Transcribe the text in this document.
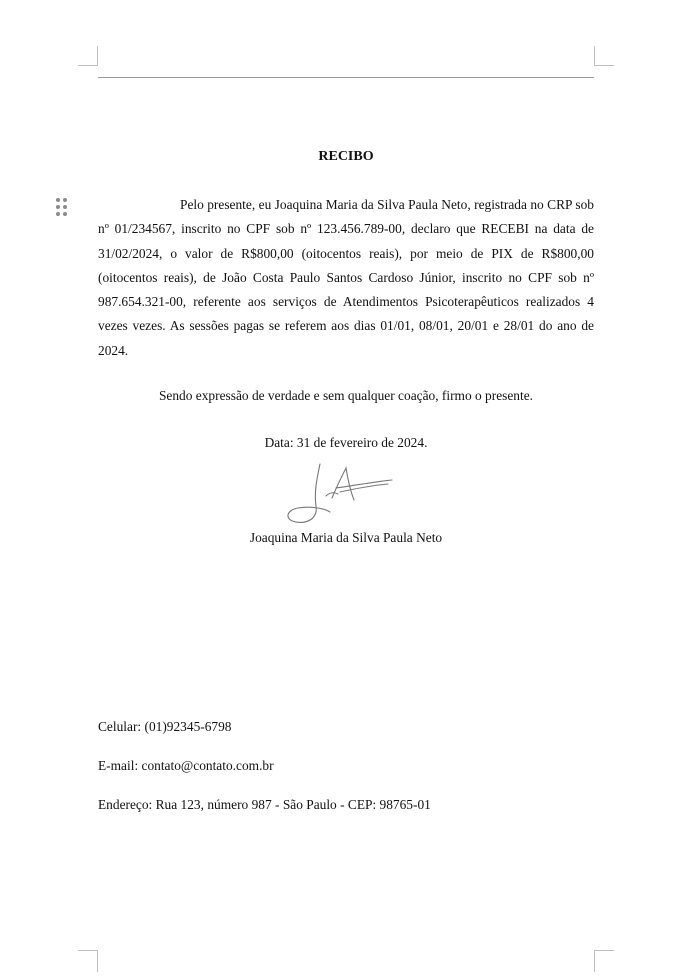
RECIBO

Pelo presente, eu Joaquina Maria da Silva Paula Neto, registrada no CRP sob nº 01/234567, inscrito no CPF sob nº 123.456.789-00, declaro que RECEBI na data de 31/02/2024, o valor de R$800,00 (oitocentos reais), por meio de PIX de R$800,00 (oitocentos reais), de João Costa Paulo Santos Cardoso Júnior, inscrito no CPF sob nº 987.654.321-00, referente aos serviços de Atendimentos Psicoterapêuticos realizados 4 vezes vezes. As sessões pagas se referem aos dias 01/01, 08/01, 20/01 e 28/01 do ano de 2024.

Sendo expressão de verdade e sem qualquer coação, firmo o presente.
Data: 31 de fevereiro de 2024.
Joaquina Maria da Silva Paula Neto
Celular: (01)92345-6798
E-mail: contato@contato.com.br
Endereço: Rua 123, número 987 - São Paulo - CEP: 98765-01
